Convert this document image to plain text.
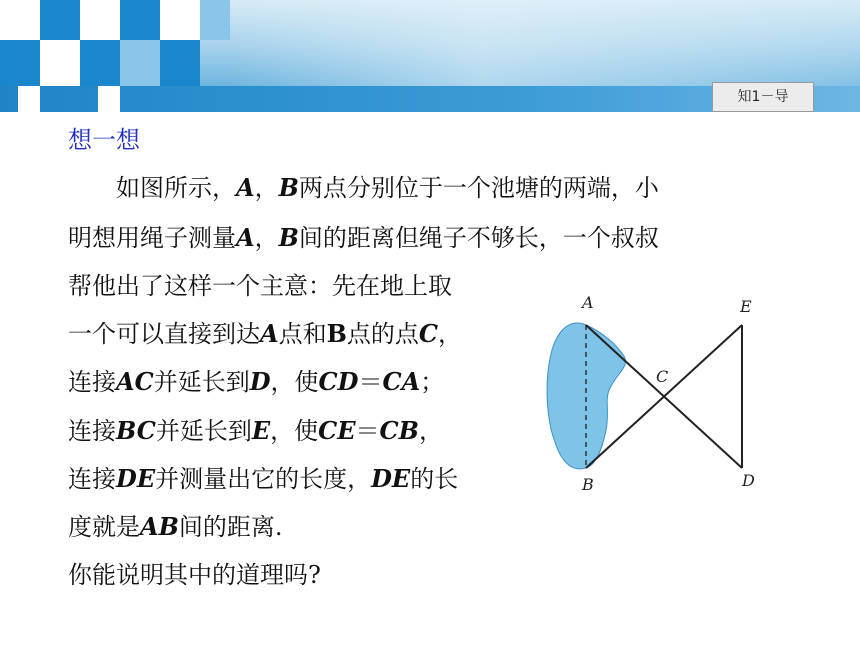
知1－导
想一想
　　如图所示，A，B两点分别位于一个池塘的两端，小
明想用绳子测量A，B间的距离但绳子不够长，一个叔叔
帮他出了这样一个主意：先在地上取
一个可以直接到达A点和B点的点C，
连接AC并延长到D，使CD＝CA；
连接BC并延长到E，使CE＝CB，
连接DE并测量出它的长度，DE的长
度就是AB间的距离.
你能说明其中的道理吗?
A
B
C
D
E
